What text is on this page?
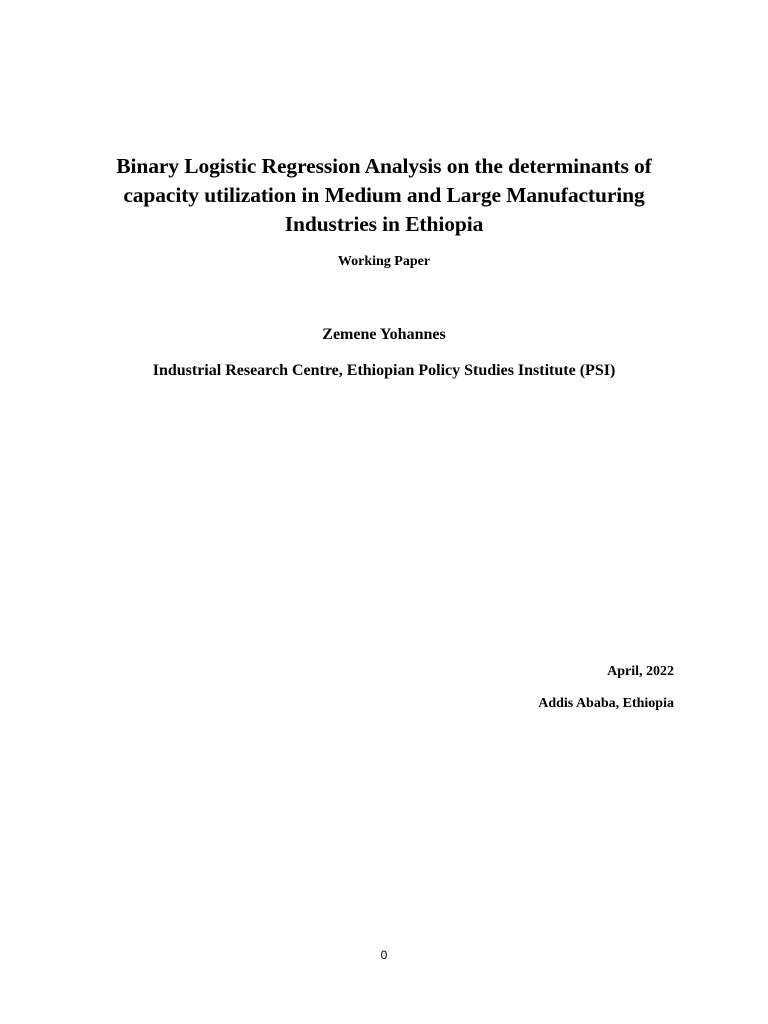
Binary Logistic Regression Analysis on the determinants of
capacity utilization in Medium and Large Manufacturing
Industries in Ethiopia
Working Paper
Zemene Yohannes
Industrial Research Centre, Ethiopian Policy Studies Institute (PSI)
April, 2022
Addis Ababa, Ethiopia
0
